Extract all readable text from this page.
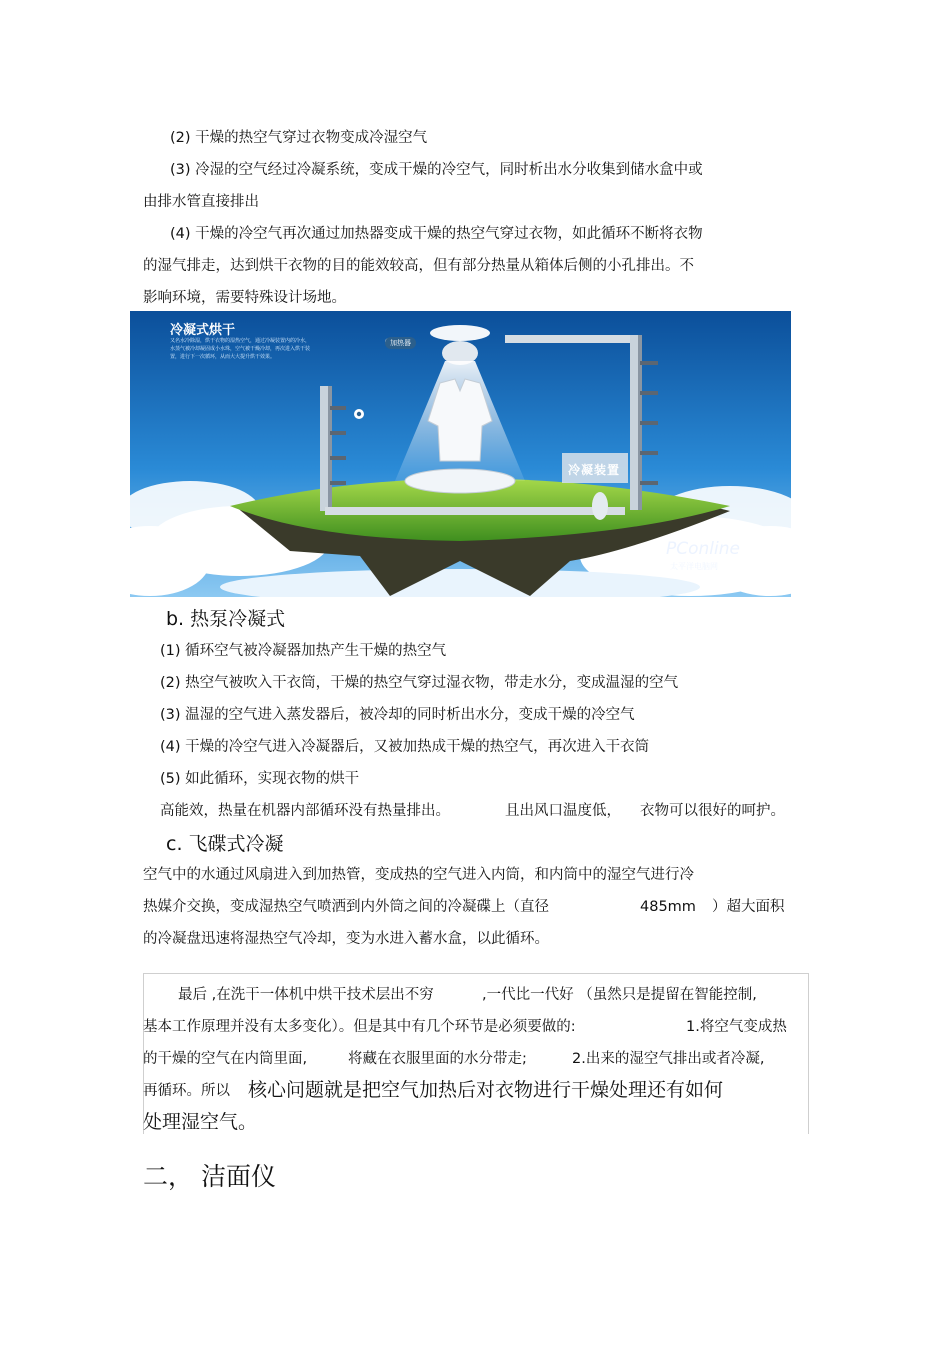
(2) 干燥的热空气穿过衣物变成冷湿空气
(3) 冷湿的空气经过冷凝系统，变成干燥的冷空气，同时析出水分收集到储水盒中或
由排水管直接排出
(4) 干燥的冷空气再次通过加热器变成干燥的热空气穿过衣物，如此循环不断将衣物
的湿气排走，达到烘干衣物的目的能效较高，但有部分热量从箱体后侧的小孔排出。不
影响环境，需要特殊设计场地。
冷凝式烘干
又名水冷除湿，烘干衣物的湿热空气，通过冷凝装置内的冷水，水蒸气被冷却凝固成小水珠，空气被干燥冷却，再次进入烘干装置，进行下一次循环，从而大大提升烘干效果。
加热器
冷凝装置
PConline
太平洋电脑网
b. 热泵冷凝式
(1) 循环空气被冷凝器加热产生干燥的热空气
(2) 热空气被吹入干衣筒，干燥的热空气穿过湿衣物，带走水分，变成温湿的空气
(3) 温湿的空气进入蒸发器后，被冷却的同时析出水分，变成干燥的冷空气
(4) 干燥的冷空气进入冷凝器后，又被加热成干燥的热空气，再次进入干衣筒
(5) 如此循环，实现衣物的烘干
高能效，热量在机器内部循环没有热量排出。	且出风口温度低， 衣物可以很好的呵护。
c. 飞碟式冷凝
空气中的水通过风扇进入到加热管，变成热的空气进入内筒，和内筒中的湿空气进行冷
热媒介交换，变成湿热空气喷洒到内外筒之间的冷凝碟上（直径	485mm ）超大面积
的冷凝盘迅速将湿热空气冷却，变为水进入蓄水盒，以此循环。
最后 ,在洗干一体机中烘干技术层出不穷	,一代比一代好 （虽然只是提留在智能控制,
基本工作原理并没有太多变化）。但是其中有几个环节是必须要做的:	1.将空气变成热
的干燥的空气在内筒里面,	将藏在衣服里面的水分带走;	2.出来的湿空气排出或者冷凝,
再循环。所以 核心问题就是把空气加热后对衣物进行干燥处理还有如何
处理湿空气。
二， 洁面仪
